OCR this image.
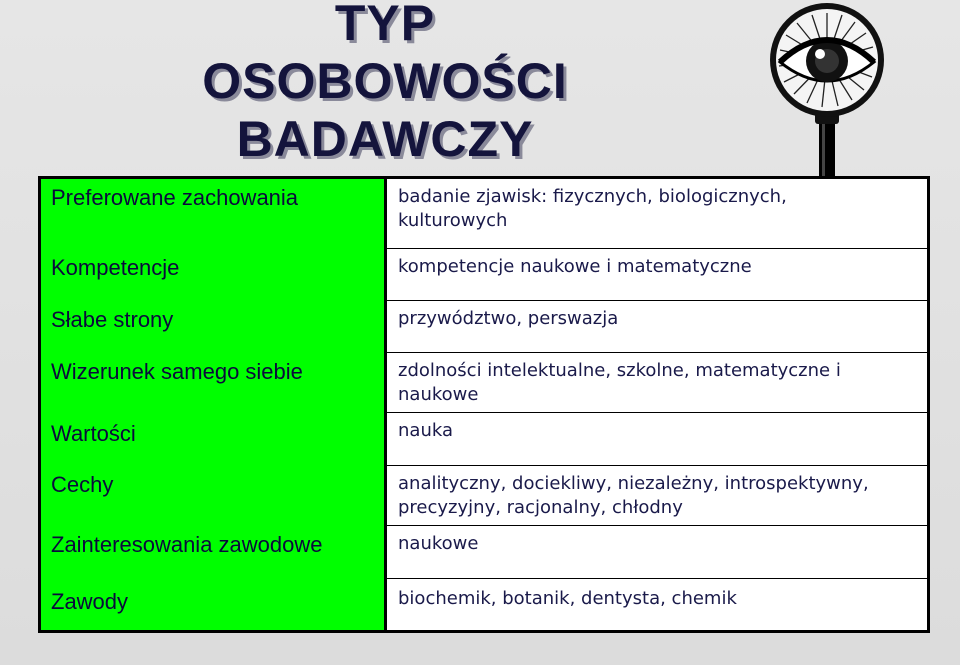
TYP
OSOBOWOŚCI
BADAWCZY
Preferowane zachowania	badanie zjawisk: fizycznych, biologicznych, kulturowych
Kompetencje	kompetencje naukowe i matematyczne
Słabe strony	przywództwo, perswazja
Wizerunek samego siebie	zdolności intelektualne, szkolne, matematyczne i naukowe
Wartości	nauka
Cechy	analityczny, dociekliwy, niezależny, introspektywny, precyzyjny, racjonalny, chłodny
Zainteresowania zawodowe	naukowe
Zawody	biochemik, botanik, dentysta, chemik
